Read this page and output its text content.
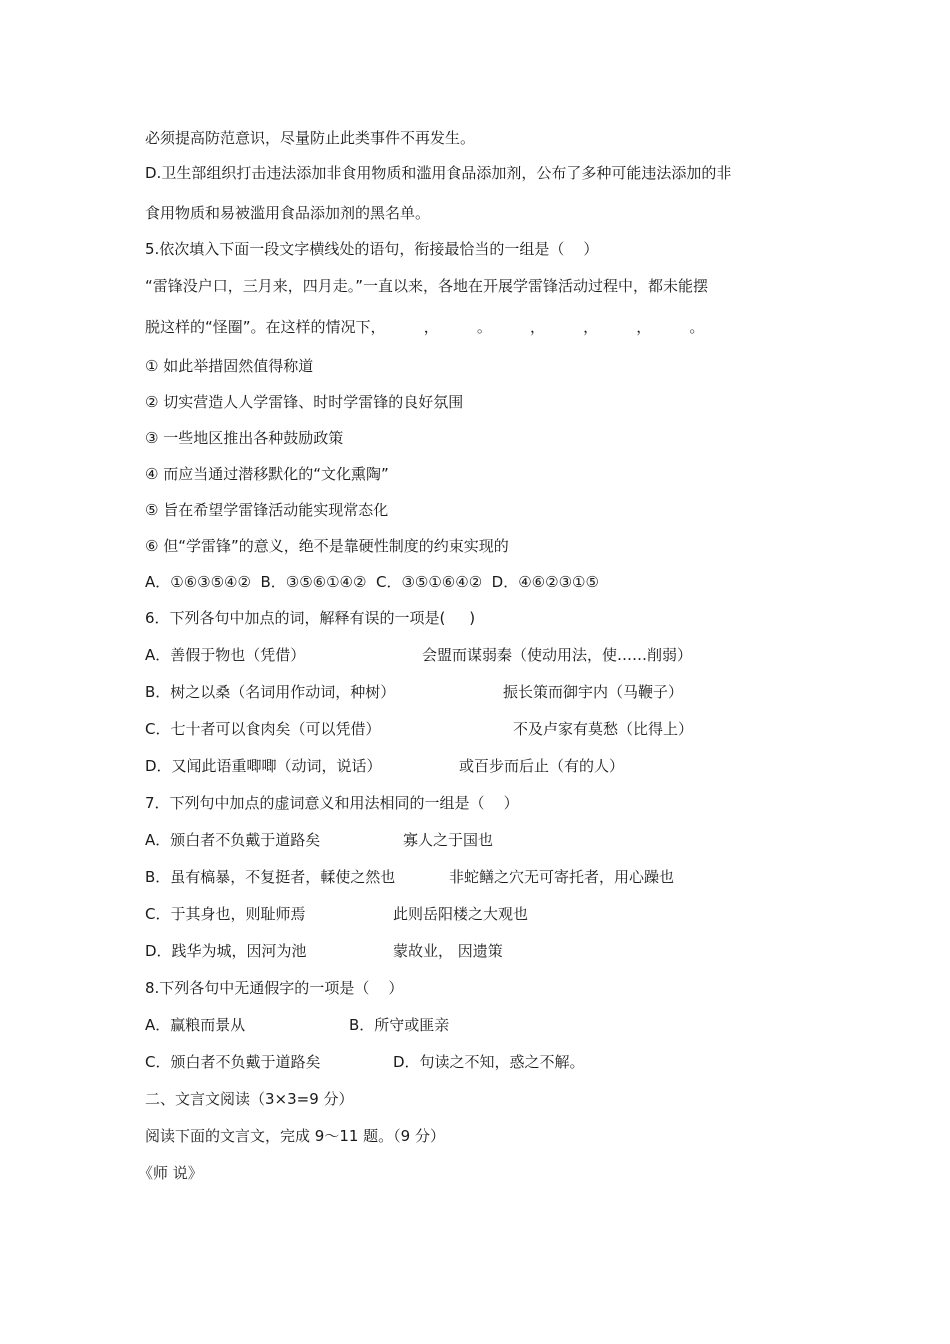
必须提高防范意识，尽量防止此类事件不再发生。
D.卫生部组织打击违法添加非食用物质和滥用食品添加剂，公布了多种可能违法添加的非
食用物质和易被滥用食品添加剂的黑名单。
5.依次填入下面一段文字横线处的语句，衔接最恰当的一组是（    ）
“雷锋没户口，三月来，四月走。”一直以来，各地在开展学雷锋活动过程中，都未能摆
脱这样的“怪圈”。在这样的情况下，        ，        。        ，        ，        ，        。
① 如此举措固然值得称道
② 切实营造人人学雷锋、时时学雷锋的良好氛围
③ 一些地区推出各种鼓励政策
④ 而应当通过潜移默化的“文化熏陶”
⑤ 旨在希望学雷锋活动能实现常态化
⑥ 但“学雷锋”的意义，绝不是靠硬性制度的约束实现的
A．①⑥③⑤④②  B．③⑤⑥①④②  C．③⑤①⑥④②  D．④⑥②③①⑤
6．下列各句中加点的词，解释有误的一项是(     )
A．善假于物也（凭借）	会盟而谋弱秦（使动用法，使……削弱）
B．树之以桑（名词用作动词，种树）	振长策而御宇内（马鞭子）
C．七十者可以食肉矣（可以凭借）	不及卢家有莫愁（比得上）
D．又闻此语重唧唧（动词，说话）	或百步而后止（有的人）
7．下列句中加点的虚词意义和用法相同的一组是（    ）
A．颁白者不负戴于道路矣	寡人之于国也
B．虽有槁暴，不复挺者，輮使之然也	非蛇鳝之穴无可寄托者，用心躁也
C．于其身也，则耻师焉	此则岳阳楼之大观也
D．践华为城，因河为池	蒙故业， 因遗策
8.下列各句中无通假字的一项是（    ）
A．赢粮而景从	B．所守或匪亲
C．颁白者不负戴于道路矣	D．句读之不知，惑之不解。
二、文言文阅读（3×3=9 分）
阅读下面的文言文，完成 9～11 题。（9 分）
《师 说》
